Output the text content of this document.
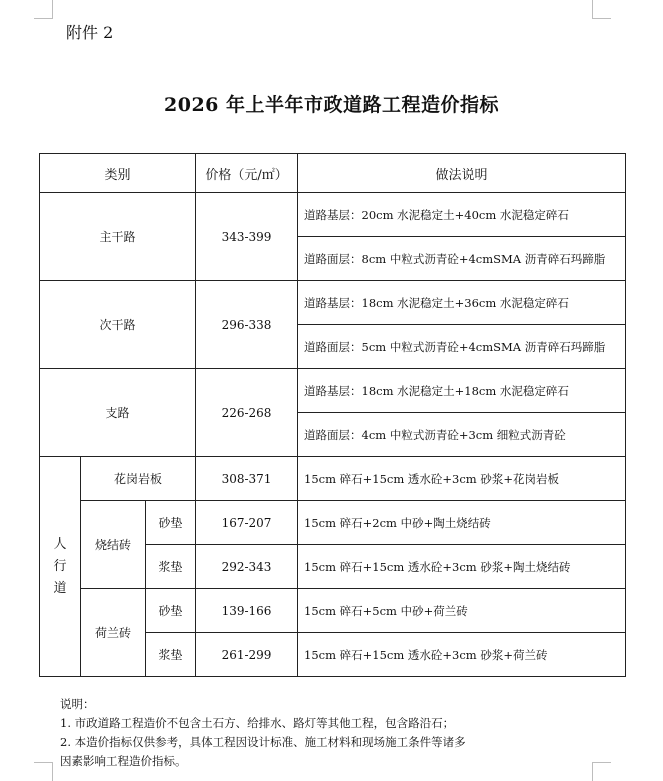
附件 2
2026 年上半年市政道路工程造价指标
类别			价格（元/㎡）	做法说明
主干路			343-399	道路基层：20cm 水泥稳定土+40cm 水泥稳定碎石
				道路面层：8cm 中粒式沥青砼+4cmSMA 沥青碎石玛蹄脂
次干路			296-338	道路基层：18cm 水泥稳定土+36cm 水泥稳定碎石
				道路面层：5cm 中粒式沥青砼+4cmSMA 沥青碎石玛蹄脂
支路			226-268	道路基层：18cm 水泥稳定土+18cm 水泥稳定碎石
				道路面层：4cm 中粒式沥青砼+3cm 细粒式沥青砼
人行道	花岗岩板		308-371	15cm 碎石+15cm 透水砼+3cm 砂浆+花岗岩板
	烧结砖	砂垫	167-207	15cm 碎石+2cm 中砂+陶土烧结砖
		浆垫	292-343	15cm 碎石+15cm 透水砼+3cm 砂浆+陶土烧结砖
	荷兰砖	砂垫	139-166	15cm 碎石+5cm 中砂+荷兰砖
		浆垫	261-299	15cm 碎石+15cm 透水砼+3cm 砂浆+荷兰砖
说明：
1. 市政道路工程造价不包含土石方、给排水、路灯等其他工程，包含路沿石；
2. 本造价指标仅供参考，具体工程因设计标准、施工材料和现场施工条件等诸多
因素影响工程造价指标。
